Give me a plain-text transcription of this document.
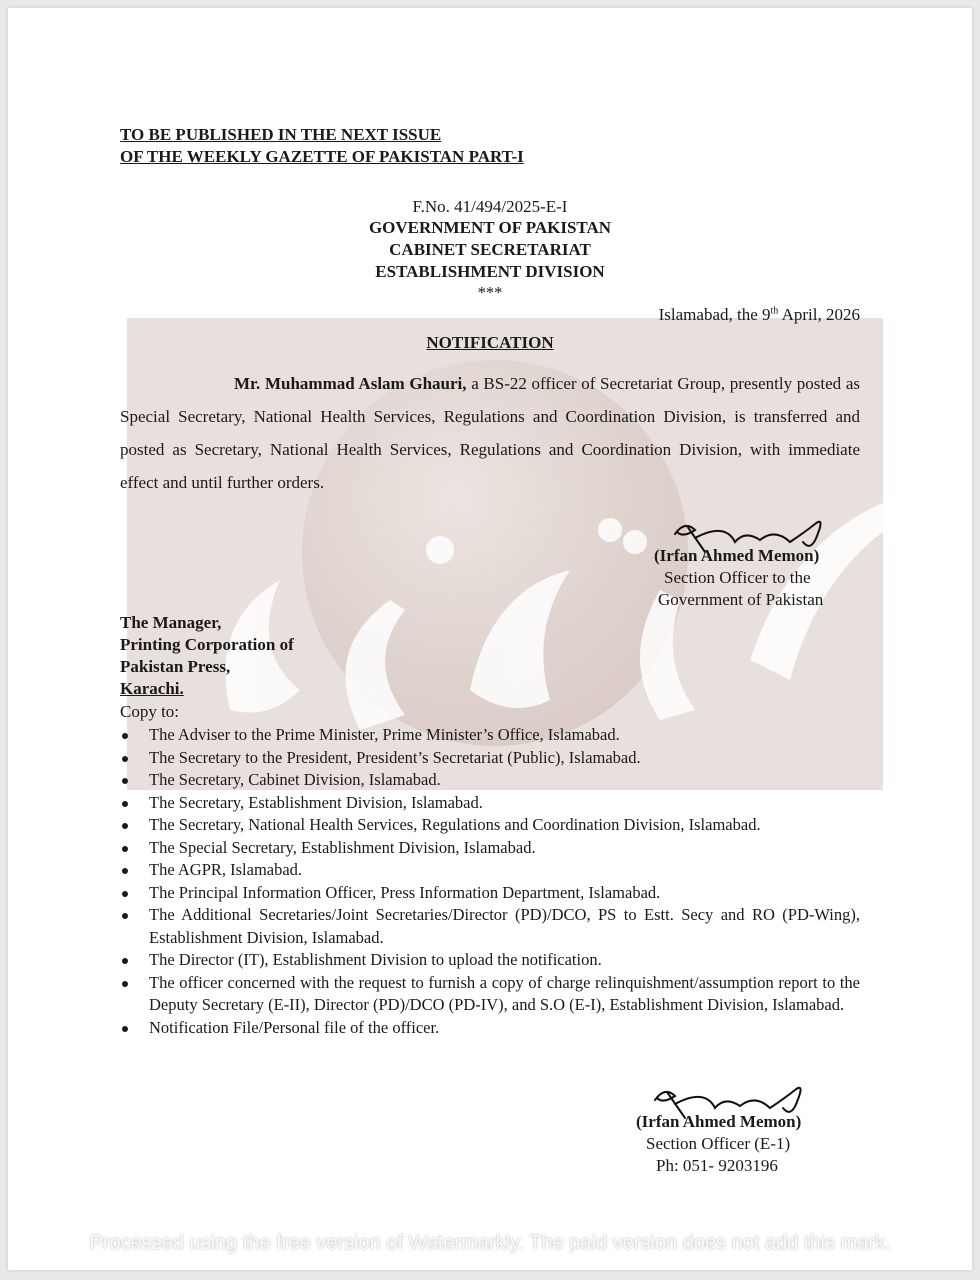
TO BE PUBLISHED IN THE NEXT ISSUE
OF THE WEEKLY GAZETTE OF PAKISTAN PART-I
F.No. 41/494/2025-E-I
GOVERNMENT OF PAKISTAN
CABINET SECRETARIAT
ESTABLISHMENT DIVISION
***
Islamabad, the 9th April, 2026
NOTIFICATION
Mr. Muhammad Aslam Ghauri, a BS-22 officer of Secretariat Group, presently posted as Special Secretary, National Health Services, Regulations and Coordination Division, is transferred and posted as Secretary, National Health Services, Regulations and Coordination Division, with immediate effect and until further orders.
(Irfan Ahmed Memon)
Section Officer to the
Government of Pakistan
The Manager,
Printing Corporation of
Pakistan Press,
Karachi.
Copy to:
The Adviser to the Prime Minister, Prime Minister’s Office, Islamabad.
The Secretary to the President, President’s Secretariat (Public), Islamabad.
The Secretary, Cabinet Division, Islamabad.
The Secretary, Establishment Division, Islamabad.
The Secretary, National Health Services, Regulations and Coordination Division, Islamabad.
The Special Secretary, Establishment Division, Islamabad.
The AGPR, Islamabad.
The Principal Information Officer, Press Information Department, Islamabad.
The Additional Secretaries/Joint Secretaries/Director (PD)/DCO, PS to Estt. Secy and RO (PD-Wing), Establishment Division, Islamabad.
The Director (IT), Establishment Division to upload the notification.
The officer concerned with the request to furnish a copy of charge relinquishment/assumption report to the Deputy Secretary (E-II), Director (PD)/DCO (PD-IV), and S.O (E-I), Establishment Division, Islamabad.
Notification File/Personal file of the officer.
(Irfan Ahmed Memon)
Section Officer (E-1)
Ph: 051- 9203196
Processed using the free version of Watermarkly. The paid version does not add this mark.
